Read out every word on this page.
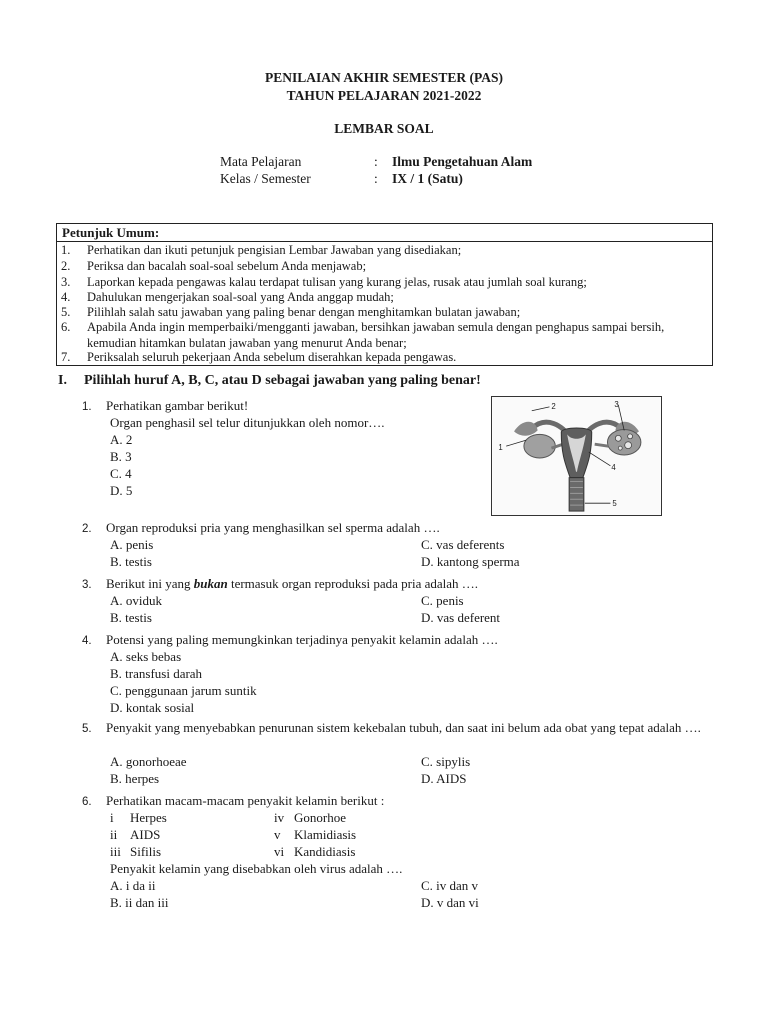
PENILAIAN AKHIR SEMESTER (PAS)
TAHUN PELAJARAN 2021-2022
LEMBAR SOAL
Mata Pelajaran	: Ilmu Pengetahuan Alam
Kelas / Semester	: IX / 1 (Satu)
Petunjuk Umum:
1. Perhatikan dan ikuti petunjuk pengisian Lembar Jawaban yang disediakan;
2. Periksa dan bacalah soal-soal sebelum Anda menjawab;
3. Laporkan kepada pengawas kalau terdapat tulisan yang kurang jelas, rusak atau jumlah soal kurang;
4. Dahulukan mengerjakan soal-soal yang Anda anggap mudah;
5. Pilihlah salah satu jawaban yang paling benar dengan menghitamkan bulatan jawaban;
6. Apabila Anda ingin memperbaiki/mengganti jawaban, bersihkan jawaban semula dengan penghapus sampai bersih, kemudian hitamkan bulatan jawaban yang menurut Anda benar;
7. Periksalah seluruh pekerjaan Anda sebelum diserahkan kepada pengawas.
I. Pilihlah huruf A, B, C, atau D sebagai jawaban yang paling benar!
1. Perhatikan gambar berikut!
Organ penghasil sel telur ditunjukkan oleh nomor….
A. 2
B. 3
C. 4
D. 5
1
2	3
4
5
2. Organ reproduksi pria yang menghasilkan sel sperma adalah ….
A. penis	C. vas deferents
B. testis	D. kantong sperma
3. Berikut ini yang bukan termasuk organ reproduksi pada pria adalah ….
A. oviduk	C. penis
B. testis	D. vas deferent
4. Potensi yang paling memungkinkan terjadinya penyakit kelamin adalah ….
A. seks bebas
B. transfusi darah
C. penggunaan jarum suntik
D. kontak sosial
5. Penyakit yang menyebabkan penurunan sistem kekebalan tubuh, dan saat ini belum ada obat yang tepat adalah ….
A. gonorhoeae	C. sipylis
B. herpes	D. AIDS
6. Perhatikan macam-macam penyakit kelamin berikut :
i Herpes	iv Gonorhoe
ii AIDS	v Klamidiasis
iii Sifilis	vi Kandidiasis
Penyakit kelamin yang disebabkan oleh virus adalah ….
A. i da ii	C. iv dan v
B. ii dan iii	D. v dan vi
